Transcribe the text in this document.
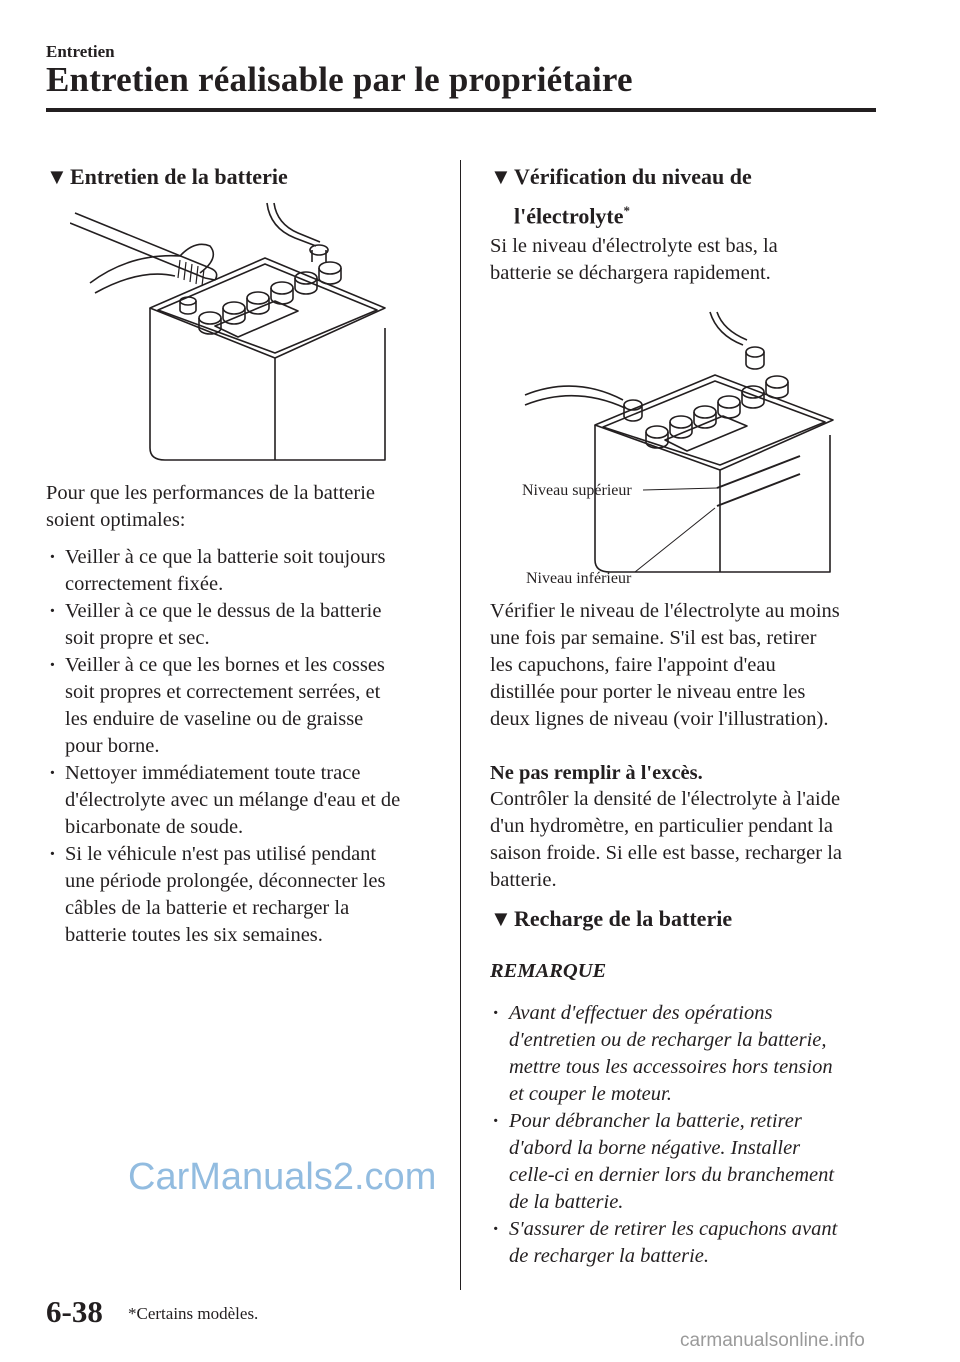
Entretien
Entretien réalisable par le propriétaire
▼ Entretien de la batterie
Pour que les performances de la batterie
soient optimales:
· Veiller à ce que la batterie soit toujours
correctement fixée.
· Veiller à ce que le dessus de la batterie
soit propre et sec.
· Veiller à ce que les bornes et les cosses
soit propres et correctement serrées, et
les enduire de vaseline ou de graisse
pour borne.
· Nettoyer immédiatement toute trace
d'électrolyte avec un mélange d'eau et de
bicarbonate de soude.
· Si le véhicule n'est pas utilisé pendant
une période prolongée, déconnecter les
câbles de la batterie et recharger la
batterie toutes les six semaines.
▼ Vérification du niveau de
l'électrolyte*
Si le niveau d'électrolyte est bas, la
batterie se déchargera rapidement.
Niveau supérieur
Niveau inférieur
Vérifier le niveau de l'électrolyte au moins
une fois par semaine. S'il est bas, retirer
les capuchons, faire l'appoint d'eau
distillée pour porter le niveau entre les
deux lignes de niveau (voir l'illustration).
Ne pas remplir à l'excès.
Contrôler la densité de l'électrolyte à l'aide
d'un hydromètre, en particulier pendant la
saison froide. Si elle est basse, recharger la
batterie.
▼ Recharge de la batterie
REMARQUE
· Avant d'effectuer des opérations
d'entretien ou de recharger la batterie,
mettre tous les accessoires hors tension
et couper le moteur.
· Pour débrancher la batterie, retirer
d'abord la borne négative. Installer
celle-ci en dernier lors du branchement
de la batterie.
· S'assurer de retirer les capuchons avant
de recharger la batterie.
CarManuals2.com
6-38 *Certains modèles.
carmanualsonline.info
